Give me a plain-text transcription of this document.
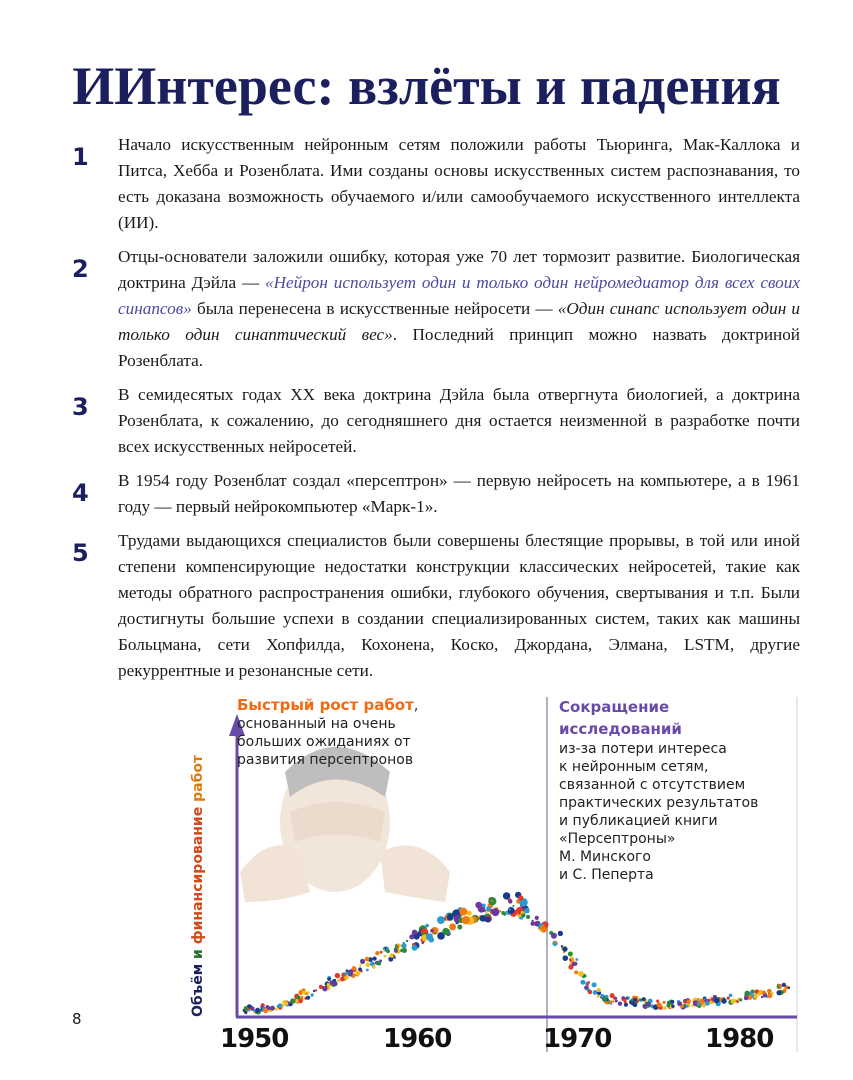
ИИнтерес: взлёты и падения
1 Начало искусственным нейронным сетям положили работы Тьюринга, Мак-Каллока и Питса, Хебба и Розенблата. Ими созданы основы искусственных систем распознавания, то есть доказана возможность обучаемого и/или самообучаемого искусственного интеллекта (ИИ).
2 Отцы-основатели заложили ошибку, которая уже 70 лет тормозит развитие. Биологическая доктрина Дэйла — «Нейрон использует один и только один нейромедиатор для всех своих синапсов» была перенесена в искусственные нейросети — «Один синапс использует один и только один синаптический вес». Последний принцип можно назвать доктриной Розенблата.
3 В семидесятых годах XX века доктрина Дэйла была отвергнута биологией, а доктрина Розенблата, к сожалению, до сегодняшнего дня остается неизменной в разработке почти всех искусственных нейросетей.
4 В 1954 году Розенблат создал «персептрон» — первую нейросеть на компьютере, а в 1961 году — первый нейрокомпьютер «Марк-1».
5 Трудами выдающихся специалистов были совершены блестящие прорывы, в той или иной степени компенсирующие недостатки конструкции классических нейросетей, такие как методы обратного распространения ошибки, глубокого обучения, свертывания и т.п. Были достигнуты большие успехи в создании специализированных систем, таких как машины Больцмана, сети Хопфилда, Кохонена, Коско, Джордана, Элмана, LSTM, другие рекуррентные и резонансные сети.
Объём и финансирование работ
Быстрый рост работ,
основанный на очень
больших ожиданиях от
развития персептронов
Сокращение
исследований
из-за потери интереса
к нейронным сетям,
связанной с отсутствием
практических результатов
и публикацией книги
«Персептроны»
М. Минского
и С. Пеперта
1950	1960	1970	1980
8
